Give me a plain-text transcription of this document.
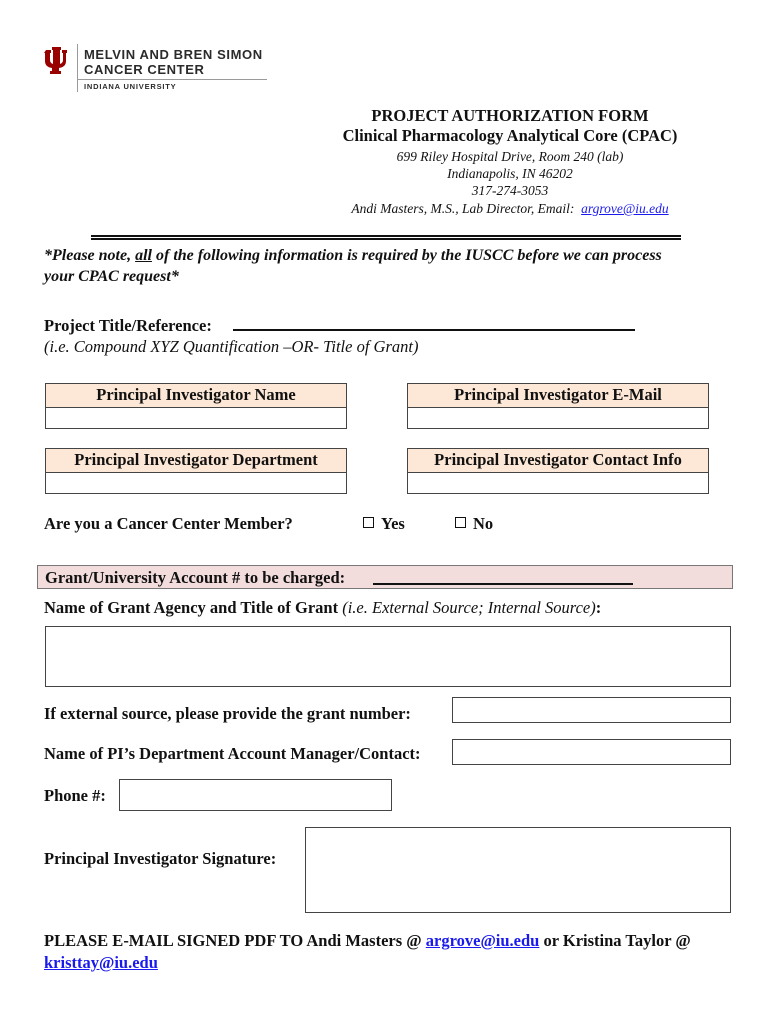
MELVIN AND BREN SIMON
CANCER CENTER
INDIANA UNIVERSITY
PROJECT AUTHORIZATION FORM
Clinical Pharmacology Analytical Core (CPAC)
699 Riley Hospital Drive, Room 240 (lab)
Indianapolis, IN 46202
317-274-3053
Andi Masters, M.S., Lab Director, Email: argrove@iu.edu
*Please note, all of the following information is required by the IUSCC before we can process your CPAC request*
Project Title/Reference:
(i.e. Compound XYZ Quantification –OR- Title of Grant)
Principal Investigator Name	Principal Investigator E-Mail
Principal Investigator Department	Principal Investigator Contact Info
Are you a Cancer Center Member?	Yes	No
Grant/University Account # to be charged:
Name of Grant Agency and Title of Grant (i.e. External Source; Internal Source):
If external source, please provide the grant number:
Name of PI’s Department Account Manager/Contact:
Phone #:
Principal Investigator Signature:
PLEASE E-MAIL SIGNED PDF TO Andi Masters @ argrove@iu.edu or Kristina Taylor @ kristtay@iu.edu
